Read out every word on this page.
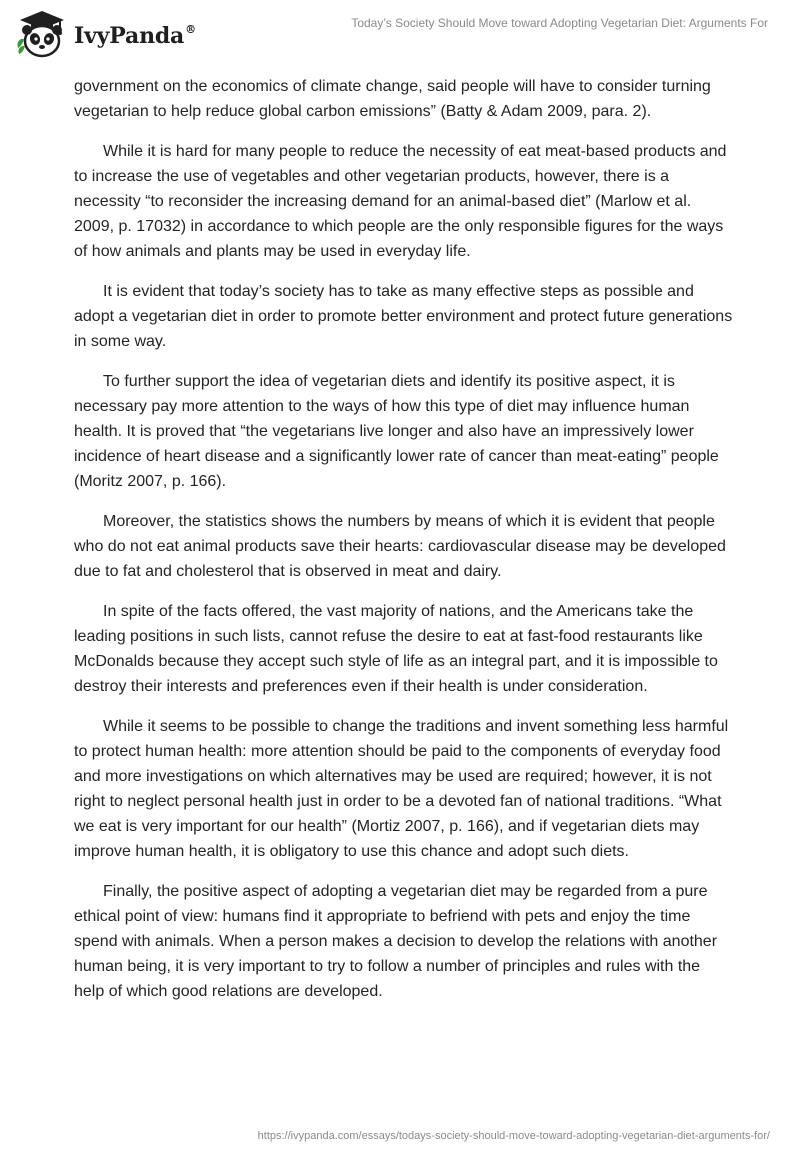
IvyPanda®	Today’s Society Should Move toward Adopting Vegetarian Diet: Arguments For

government on the economics of climate change, said people will have to consider turning vegetarian to help reduce global carbon emissions” (Batty & Adam 2009, para. 2).

While it is hard for many people to reduce the necessity of eat meat-based products and to increase the use of vegetables and other vegetarian products, however, there is a necessity “to reconsider the increasing demand for an animal-based diet” (Marlow et al. 2009, p. 17032) in accordance to which people are the only responsible figures for the ways of how animals and plants may be used in everyday life.

It is evident that today’s society has to take as many effective steps as possible and adopt a vegetarian diet in order to promote better environment and protect future generations in some way.

To further support the idea of vegetarian diets and identify its positive aspect, it is necessary pay more attention to the ways of how this type of diet may influence human health. It is proved that “the vegetarians live longer and also have an impressively lower incidence of heart disease and a significantly lower rate of cancer than meat-eating” people (Moritz 2007, p. 166).

Moreover, the statistics shows the numbers by means of which it is evident that people who do not eat animal products save their hearts: cardiovascular disease may be developed due to fat and cholesterol that is observed in meat and dairy.

In spite of the facts offered, the vast majority of nations, and the Americans take the leading positions in such lists, cannot refuse the desire to eat at fast-food restaurants like McDonalds because they accept such style of life as an integral part, and it is impossible to destroy their interests and preferences even if their health is under consideration.

While it seems to be possible to change the traditions and invent something less harmful to protect human health: more attention should be paid to the components of everyday food and more investigations on which alternatives may be used are required; however, it is not right to neglect personal health just in order to be a devoted fan of national traditions. “What we eat is very important for our health” (Mortiz 2007, p. 166), and if vegetarian diets may improve human health, it is obligatory to use this chance and adopt such diets.

Finally, the positive aspect of adopting a vegetarian diet may be regarded from a pure ethical point of view: humans find it appropriate to befriend with pets and enjoy the time spend with animals. When a person makes a decision to develop the relations with another human being, it is very important to try to follow a number of principles and rules with the help of which good relations are developed.

https://ivypanda.com/essays/todays-society-should-move-toward-adopting-vegetarian-diet-arguments-for/
